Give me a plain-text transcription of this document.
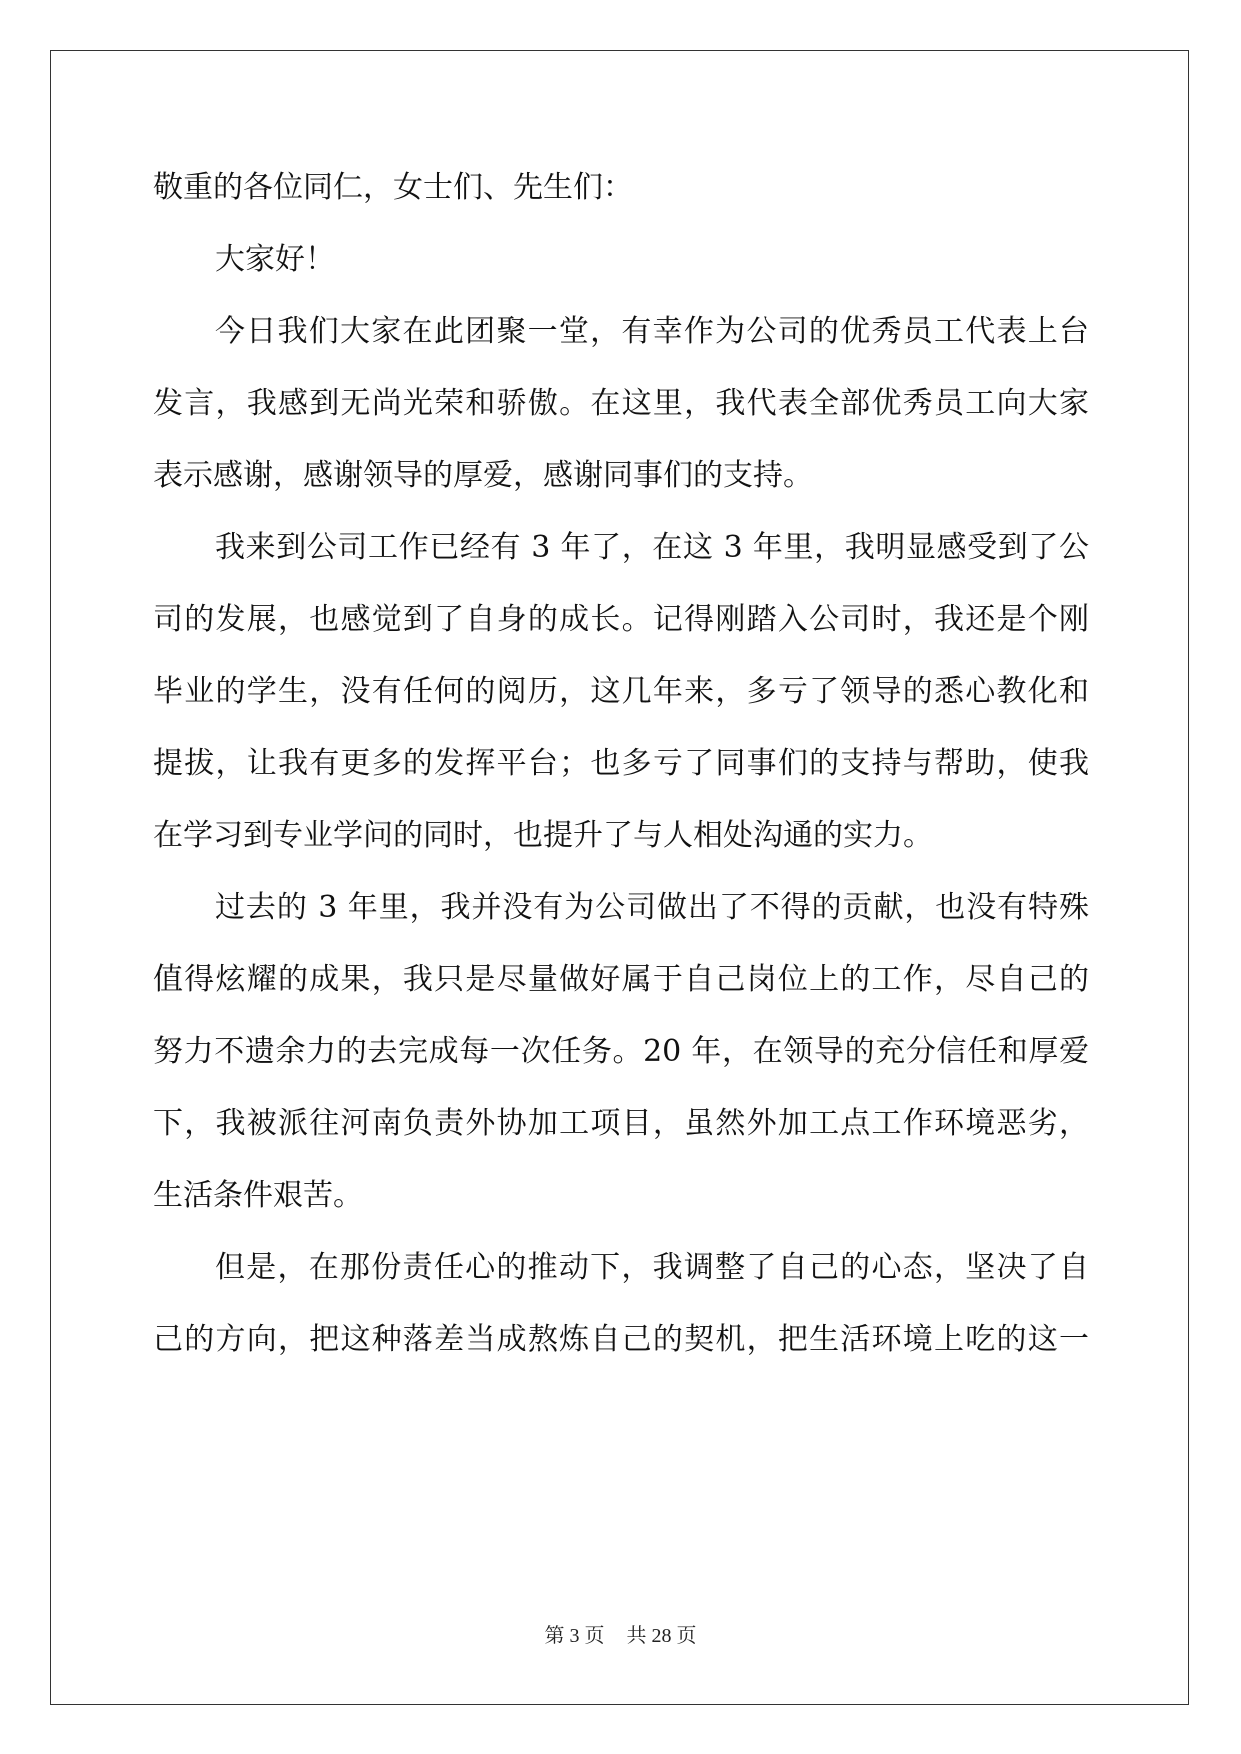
敬重的各位同仁，女士们、先生们：
大家好！
今日我们大家在此团聚一堂，有幸作为公司的优秀员工代表上台
发言，我感到无尚光荣和骄傲。在这里，我代表全部优秀员工向大家
表示感谢，感谢领导的厚爱，感谢同事们的支持。
我来到公司工作已经有 3 年了，在这 3 年里，我明显感受到了公
司的发展，也感觉到了自身的成长。记得刚踏入公司时，我还是个刚
毕业的学生，没有任何的阅历，这几年来，多亏了领导的悉心教化和
提拔，让我有更多的发挥平台；也多亏了同事们的支持与帮助，使我
在学习到专业学问的同时，也提升了与人相处沟通的实力。
过去的 3 年里，我并没有为公司做出了不得的贡献，也没有特殊
值得炫耀的成果，我只是尽量做好属于自己岗位上的工作，尽自己的
努力不遗余力的去完成每一次任务。20 年，在领导的充分信任和厚爱
下，我被派往河南负责外协加工项目，虽然外加工点工作环境恶劣，
生活条件艰苦。
但是，在那份责任心的推动下，我调整了自己的心态，坚决了自
己的方向，把这种落差当成熬炼自己的契机，把生活环境上吃的这一
第 3 页 共 28 页
